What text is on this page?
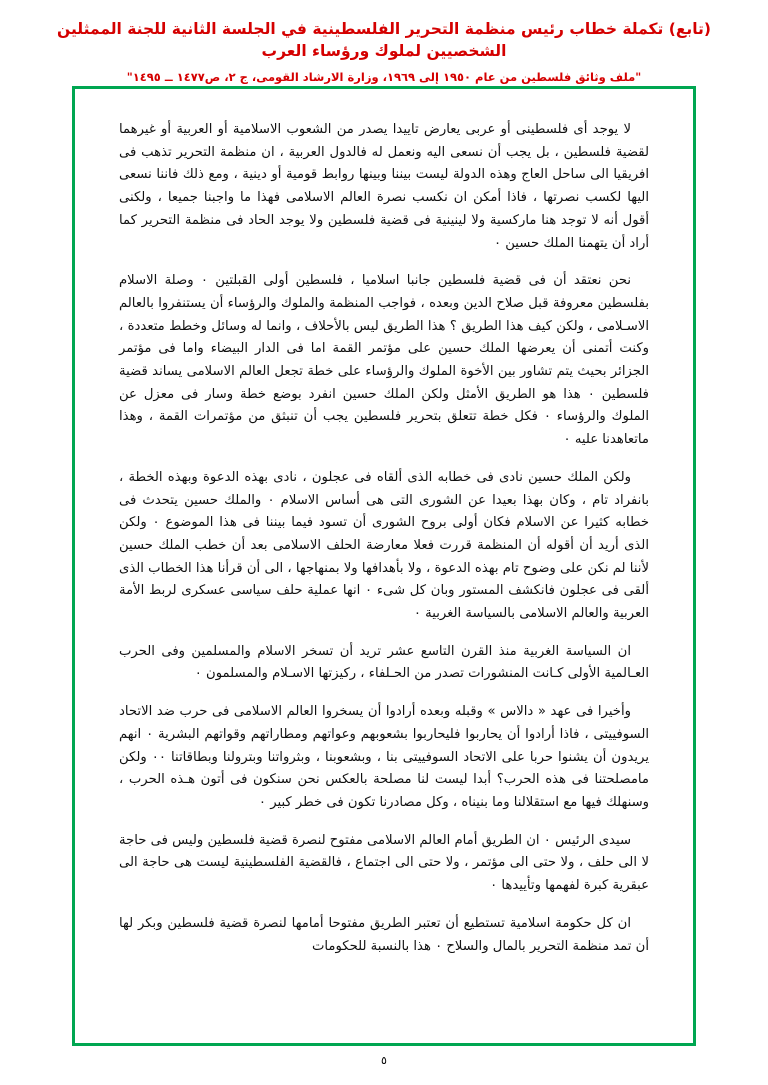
(تابع) تكملة خطاب رئيس منظمة التحرير الفلسطينية في الجلسة الثانية للجنة الممثلين الشخصيين لملوك ورؤساء العرب
"ملف وثائق فلسطين من عام ١٩٥٠ إلى ١٩٦٩، وزارة الارشاد القومى، ج ٢، ص١٤٧٧ ــ ١٤٩٥"

لا يوجد أى فلسطينى أو عربى يعارض تاييدا يصدر من الشعوب الاسلامية أو العربية أو غيرهما لقضية فلسطين ، بل يجب أن نسعى اليه ونعمل له فالدول العربية ، ان منظمة التحرير تذهب فى افريقيا الى ساحل العاج وهذه الدولة ليست بيننا وبينها روابط قومية أو دينية ، ومع ذلك فاننا نسعى اليها لكسب نصرتها ، فاذا أمكن ان نكسب نصرة العالم الاسلامى فهذا ما واجبنا جميعا ، ولكنى أقول أنه لا توجد هنا ماركسية ولا لينينية فى قضية فلسطين ولا يوجد الحاد فى منظمة التحرير كما أراد أن يتهمنا الملك حسين ٠

نحن نعتقد أن فى قضية فلسطين جانبا اسلاميا ، فلسطين أولى القبلتين ٠ وصلة الاسلام بفلسطين معروفة قبل صلاح الدين وبعده ، فواجب المنظمة والملوك والرؤساء أن يستنفروا بالعالم الاسـلامى ، ولكن كيف هذا الطريق ؟ هذا الطريق ليس بالأحلاف ، وانما له وسائل وخطط متعددة ، وكنت أتمنى أن يعرضها الملك حسين على مؤتمر القمة اما فى الدار البيضاء واما فى مؤتمر الجزائر بحيث يتم تشاور بين الأخوة الملوك والرؤساء على خطة تجعل العالم الاسلامى يساند قضية فلسطين ٠ هذا هو الطريق الأمثل ولكن الملك حسين انفرد بوضع خطة وسار فى معزل عن الملوك والرؤساء ٠ فكل خطة تتعلق بتحرير فلسطين يجب أن تنبثق من مؤتمرات القمة ، وهذا ماتعاهدنا عليه ٠

ولكن الملك حسين نادى فى خطابه الذى ألقاه فى عجلون ، نادى بهذه الدعوة وبهذه الخطة ، بانفراد تام ، وكان بهذا بعيدا عن الشورى التى هى أساس الاسلام ٠ والملك حسين يتحدث فى خطابه كثيرا عن الاسلام فكان أولى بروح الشورى أن تسود فيما بيننا فى هذا الموضوع ٠ ولكن الذى أريد أن أقوله أن المنظمة قررت فعلا معارضة الحلف الاسلامى بعد أن خطب الملك حسين لأننا لم نكن على وضوح تام بهذه الدعوة ، ولا بأهدافها ولا بمنهاجها ، الى أن قرأنا هذا الخطاب الذى ألقى فى عجلون فانكشف المستور وبان كل شىء ٠ انها عملية حلف سياسى عسكرى لربط الأمة العربية والعالم الاسلامى بالسياسة الغربية ٠

ان السياسة الغربية منذ القرن التاسع عشر تريد أن تسخر الاسلام والمسلمين وفى الحرب العـالمية الأولى كـانت المنشورات تصدر من الحـلفاء ، ركيزتها الاسـلام والمسلمون ٠

وأخيرا فى عهد « دالاس » وقبله وبعده أرادوا أن يسخروا العالم الاسلامى فى حرب ضد الاتحاد السوفييتى ، فاذا أرادوا أن يحاربوا فليحاربوا بشعوبهم وعواتهم ومطاراتهم وقواتهم البشرية ٠ انهم يريدون أن يشنوا حربا على الاتحاد السوفييتى بنا ، وبشعوبنا ، وبثرواتنا وبترولنا وبطاقاتنا ٠٠ ولكن مامصلحتنا فى هذه الحرب؟ أبدا ليست لنا مصلحة بالعكس نحن سنكون فى أتون هـذه الحرب ، وسنهلك فيها مع استقلالنا وما بنيناه ، وكل مصادرنا تكون فى خطر كبير ٠

سيدى الرئيس ٠ ان الطريق أمام العالم الاسلامى مفتوح لنصرة قضية فلسطين وليس فى حاجة لا الى حلف ، ولا حتى الى مؤتمر ، ولا حتى الى اجتماع ، فالقضية الفلسطينية ليست هى حاجة الى عبقرية كبرة لفهمها وتأييدها ٠

ان كل حكومة اسلامية تستطيع أن تعتبر الطريق مفتوحا أمامها لنصرة قضية فلسطين وبكر لها أن تمد منظمة التحرير بالمال والسلاح ٠ هذا بالنسبة للحكومات

٥
